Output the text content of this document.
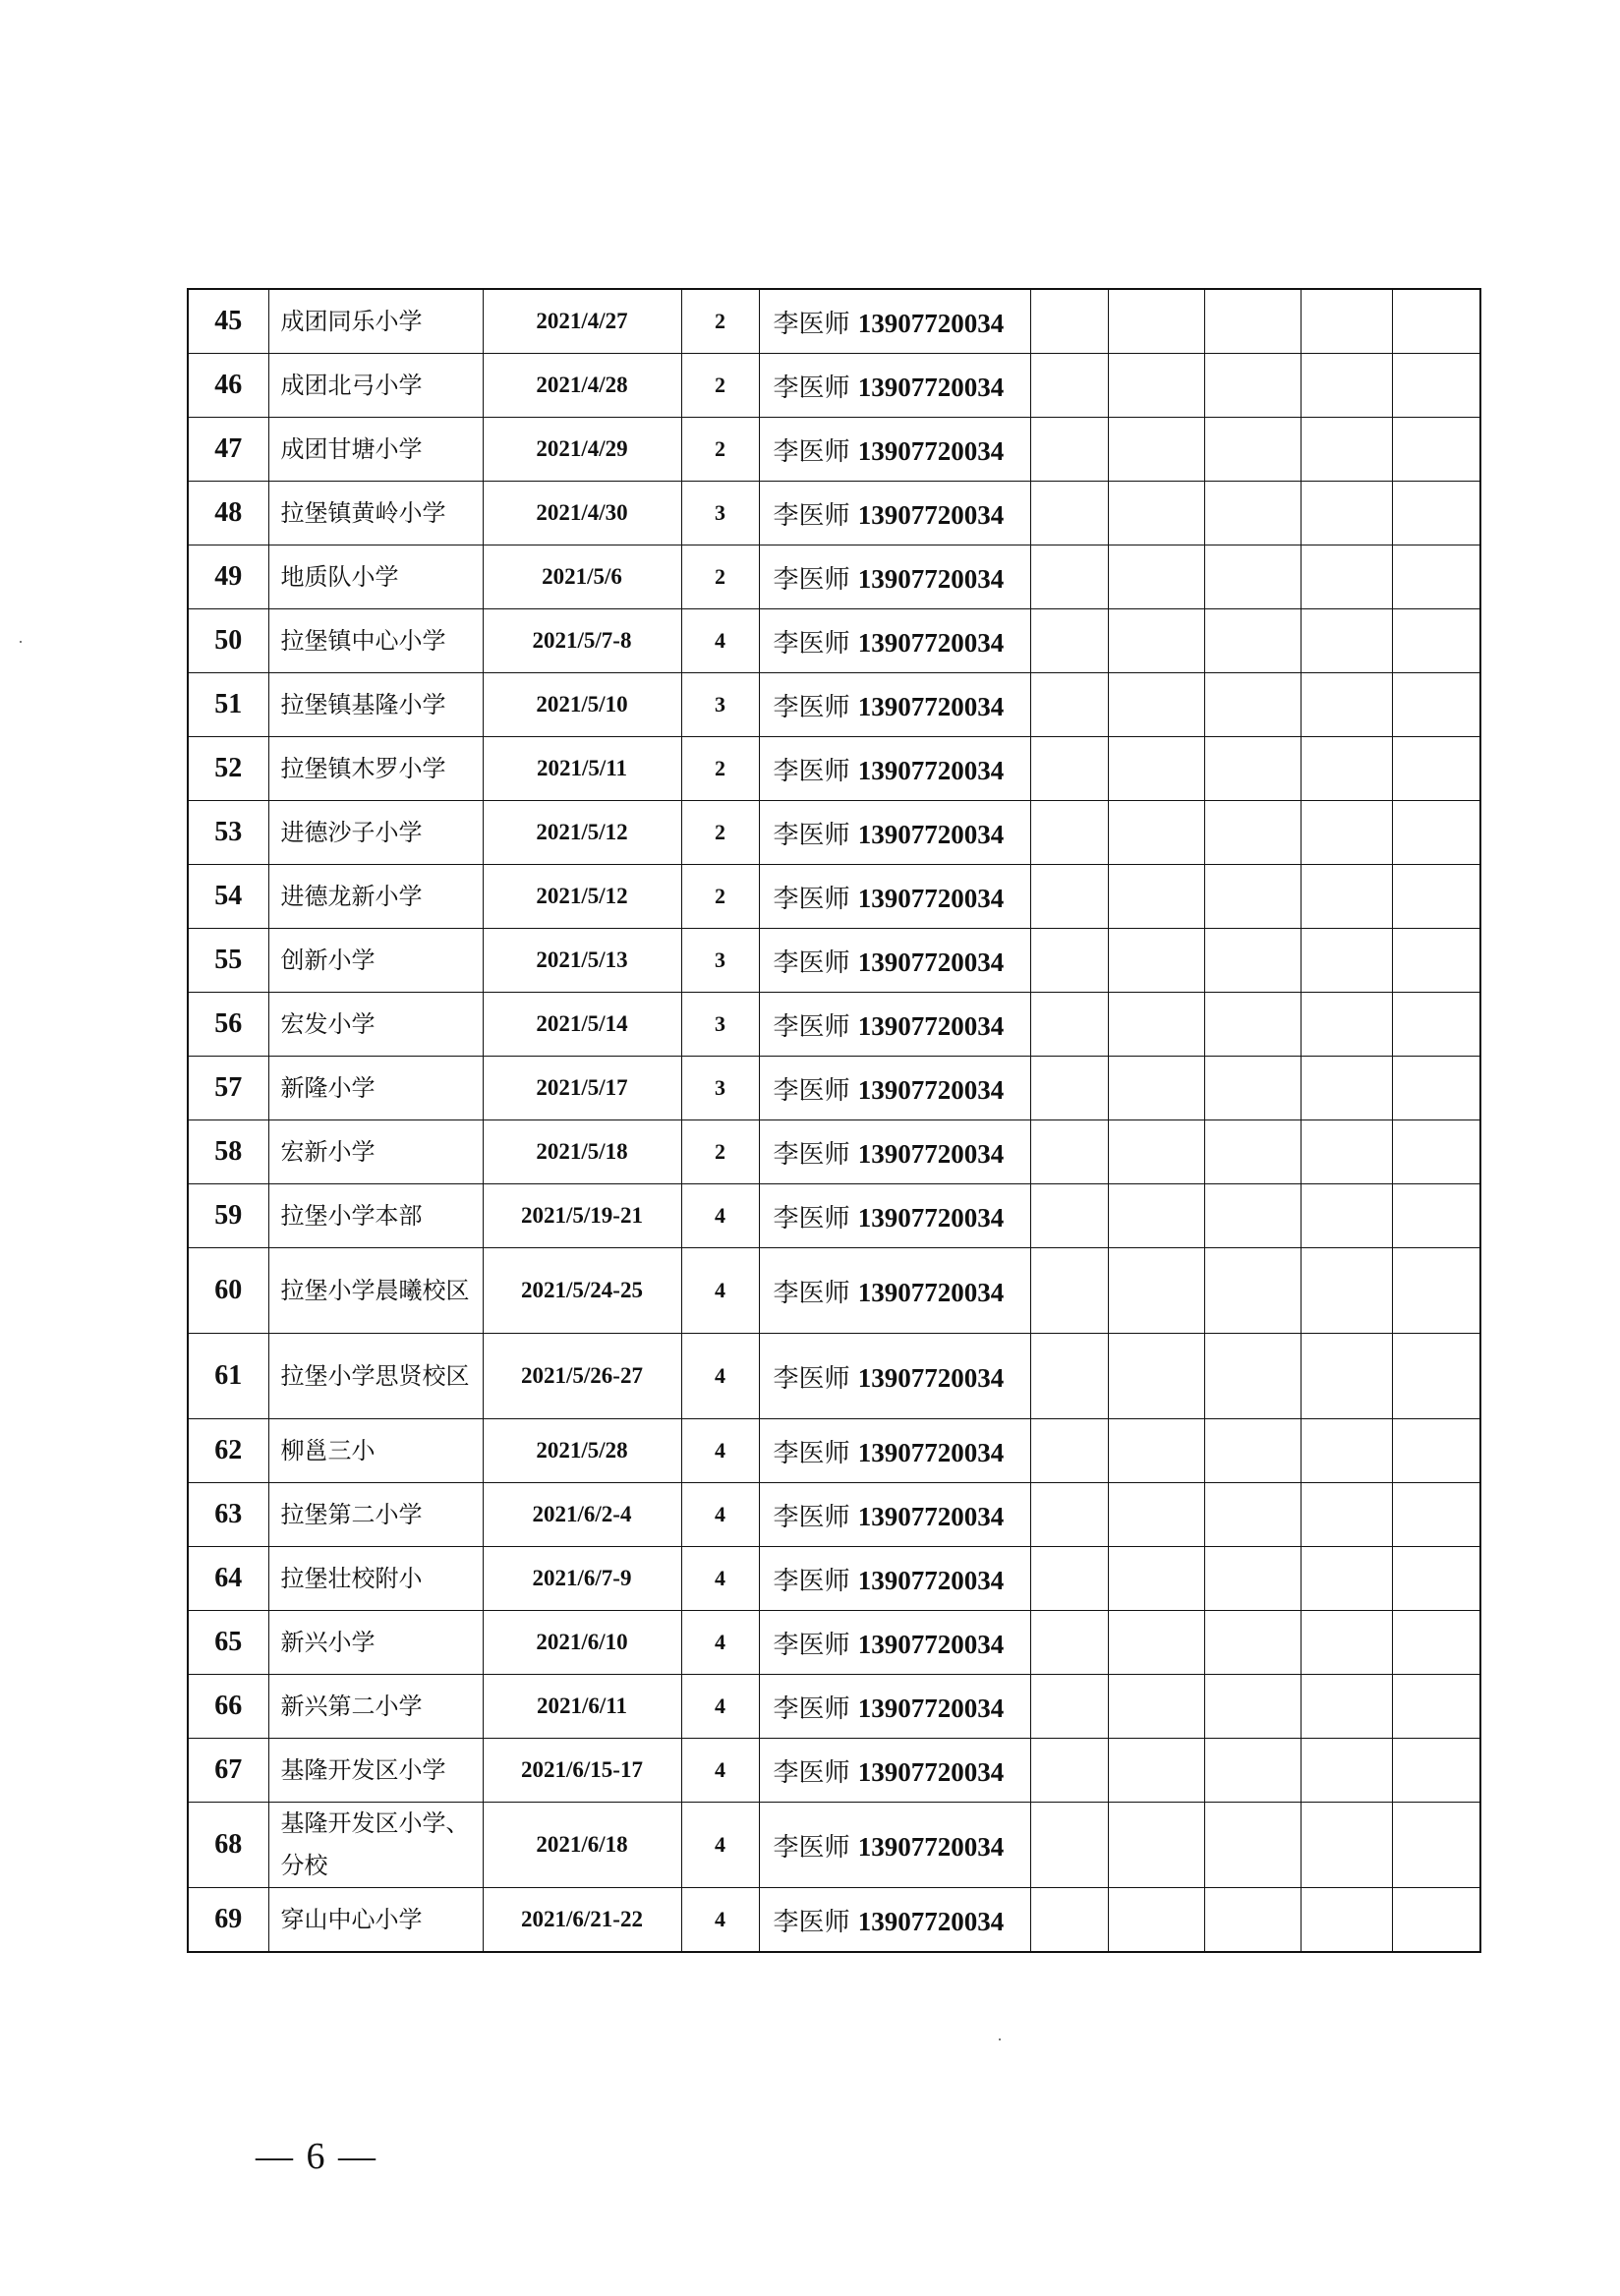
45	成团同乐小学	2021/4/27	2	李医师 13907720034					
46	成团北弓小学	2021/4/28	2	李医师 13907720034					
47	成团甘塘小学	2021/4/29	2	李医师 13907720034					
48	拉堡镇黄岭小学	2021/4/30	3	李医师 13907720034					
49	地质队小学	2021/5/6	2	李医师 13907720034					
50	拉堡镇中心小学	2021/5/7-8	4	李医师 13907720034					
51	拉堡镇基隆小学	2021/5/10	3	李医师 13907720034					
52	拉堡镇木罗小学	2021/5/11	2	李医师 13907720034					
53	进德沙子小学	2021/5/12	2	李医师 13907720034					
54	进德龙新小学	2021/5/12	2	李医师 13907720034					
55	创新小学	2021/5/13	3	李医师 13907720034					
56	宏发小学	2021/5/14	3	李医师 13907720034					
57	新隆小学	2021/5/17	3	李医师 13907720034					
58	宏新小学	2021/5/18	2	李医师 13907720034					
59	拉堡小学本部	2021/5/19-21	4	李医师 13907720034					
60	拉堡小学晨曦校区	2021/5/24-25	4	李医师 13907720034					
61	拉堡小学思贤校区	2021/5/26-27	4	李医师 13907720034					
62	柳邕三小	2021/5/28	4	李医师 13907720034					
63	拉堡第二小学	2021/6/2-4	4	李医师 13907720034					
64	拉堡壮校附小	2021/6/7-9	4	李医师 13907720034					
65	新兴小学	2021/6/10	4	李医师 13907720034					
66	新兴第二小学	2021/6/11	4	李医师 13907720034					
67	基隆开发区小学	2021/6/15-17	4	李医师 13907720034					
68	基隆开发区小学、分校	2021/6/18	4	李医师 13907720034					
69	穿山中心小学	2021/6/21-22	4	李医师 13907720034					
— 6 —
